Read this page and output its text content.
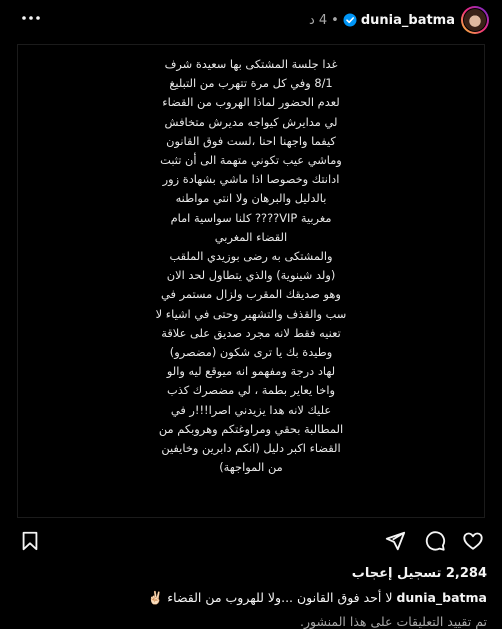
dunia_batma
•
4 د
غدا جلسة المشتكى بها سعيدة شرف
8/1 وفي كل مرة تتهرب من التبليغ
لعدم الحضور لماذا الهروب من القضاء
لي مدايرش كيواجه مديرش متخافش
كيفما واجهنا احنا ،لست فوق القانون
وماشي عيب تكوني متهمة الى أن تثبت
ادانتك وخصوصا اذا ماشي بشهادة زور
بالدليل والبرهان ولا انتي مواطنه
مغربية VIP???? كلنا سواسية امام
القضاء المغربي
والمشتكى به رضى بوزيدي الملقب
(ولد شينوية) والذي يتطاول لحد الان
وهو صديقك المقرب ولزال مستمر في
سب والقذف والتشهير وحتى في اشياء لا
تعنيه فقط لانه مجرد صديق على علاقة
وطيدة بك يا ترى شكون (مضصرو)
لهاد درجة ومفهمو انه ميوقع ليه والو
واخا يعاير بطمة ، لي مضصرك كذب
عليك لانه هدا يزيدني اصرا!!!ر في
المطالبة بحقي ومراوغتكم وهروبكم من
القضاء اكبر دليل (انكم دابرين وخايفين
من المواجهة)
2,284 تسجيل إعجاب
dunia_batma لا أحد فوق القانون ...ولا للهروب من القضاء ✌🏻
تم تقييد التعليقات على هذا المنشور.
